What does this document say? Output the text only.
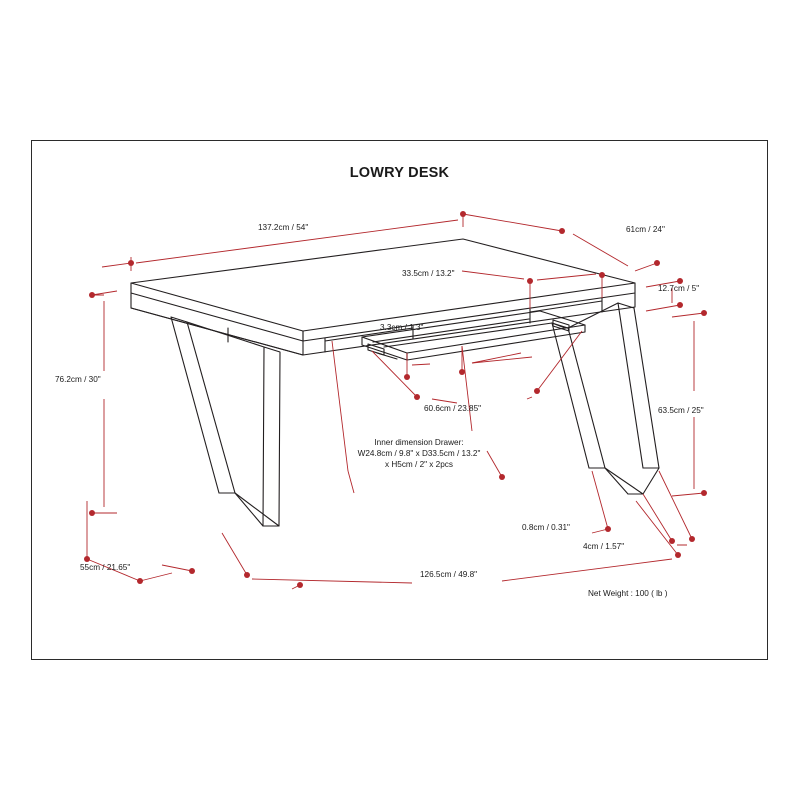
LOWRY DESK
137.2cm / 54"	61cm / 24"
33.5cm / 13.2"
12.7cm / 5"
3.3cm / 1.3"
76.2cm / 30"
60.6cm / 23.85"	63.5cm / 25"
Inner dimension Drawer:
W24.8cm / 9.8" x D33.5cm / 13.2"
x H5cm / 2" x 2pcs
0.8cm / 0.31"
4cm / 1.57"
55cm / 21.65"
126.5cm / 49.8"
Net Weight : 100 ( lb )
